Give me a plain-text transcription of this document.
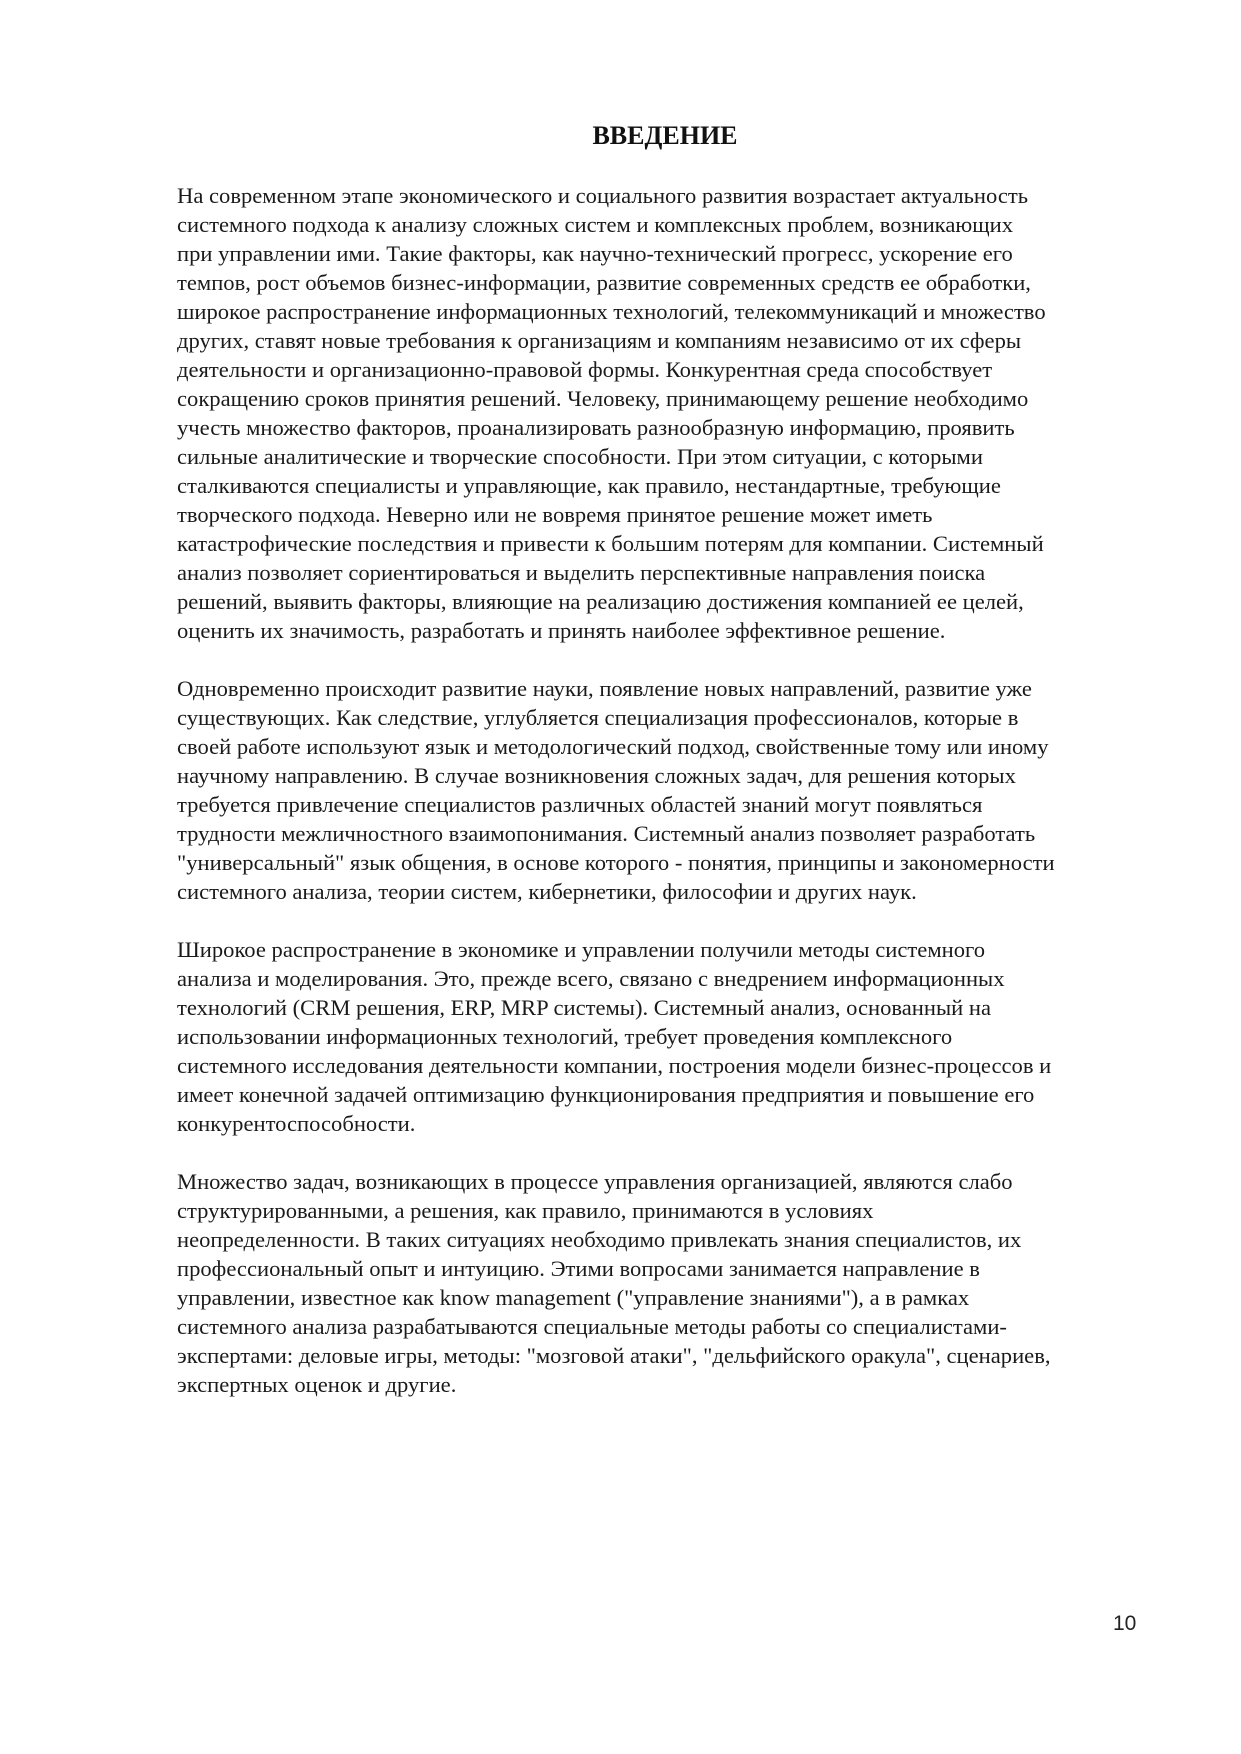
ВВЕДЕНИЕ
На современном этапе экономического и социального развития возрастает актуальность
системного подхода к анализу сложных систем и комплексных проблем, возникающих
при управлении ими. Такие факторы, как научно-технический прогресс, ускорение его
темпов, рост объемов бизнес-информации, развитие современных средств ее обработки,
широкое распространение информационных технологий, телекоммуникаций и множество
других, ставят новые требования к организациям и компаниям независимо от их сферы
деятельности и организационно-правовой формы. Конкурентная среда способствует
сокращению сроков принятия решений. Человеку, принимающему решение необходимо
учесть множество факторов, проанализировать разнообразную информацию, проявить
сильные аналитические и творческие способности. При этом ситуации, с которыми
сталкиваются специалисты и управляющие, как правило, нестандартные, требующие
творческого подхода. Неверно или не вовремя принятое решение может иметь
катастрофические последствия и привести к большим потерям для компании. Системный
анализ позволяет сориентироваться и выделить перспективные направления поиска
решений, выявить факторы, влияющие на реализацию достижения компанией ее целей,
оценить их значимость, разработать и принять наиболее эффективное решение.
Одновременно происходит развитие науки, появление новых направлений, развитие уже
существующих. Как следствие, углубляется специализация профессионалов, которые в
своей работе используют язык и методологический подход, свойственные тому или иному
научному направлению. В случае возникновения сложных задач, для решения которых
требуется привлечение специалистов различных областей знаний могут появляться
трудности межличностного взаимопонимания. Системный анализ позволяет разработать
"универсальный" язык общения, в основе которого - понятия, принципы и закономерности
системного анализа, теории систем, кибернетики, философии и других наук.
Широкое распространение в экономике и управлении получили методы системного
анализа и моделирования. Это, прежде всего, связано с внедрением информационных
технологий (CRM решения, ERP, MRP системы). Системный анализ, основанный на
использовании информационных технологий, требует проведения комплексного
системного исследования деятельности компании, построения модели бизнес-процессов и
имеет конечной задачей оптимизацию функционирования предприятия и повышение его
конкурентоспособности.
Множество задач, возникающих в процессе управления организацией, являются слабо
структурированными, а решения, как правило, принимаются в условиях
неопределенности. В таких ситуациях необходимо привлекать знания специалистов, их
профессиональный опыт и интуицию. Этими вопросами занимается направление в
управлении, известное как know management ("управление знаниями"), а в рамках
системного анализа разрабатываются специальные методы работы со специалистами-
экспертами: деловые игры, методы: "мозговой атаки", "дельфийского оракула", сценариев,
экспертных оценок и другие.
10
